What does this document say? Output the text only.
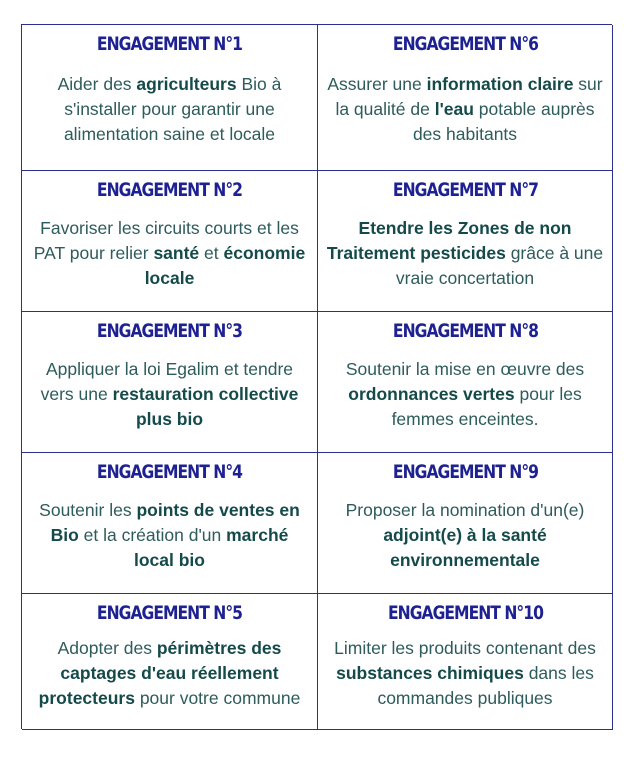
ENGAGEMENT N°1

Aider des agriculteurs Bio à s'installer pour garantir une alimentation saine et locale

ENGAGEMENT N°6

Assurer une information claire sur la qualité de l'eau potable auprès des habitants

ENGAGEMENT N°2

Favoriser les circuits courts et les PAT pour relier santé et économie locale

ENGAGEMENT N°7

Etendre les Zones de non Traitement pesticides grâce à une vraie concertation

ENGAGEMENT N°3

Appliquer la loi Egalim et tendre vers une restauration collective plus bio

ENGAGEMENT N°8

Soutenir la mise en œuvre des ordonnances vertes pour les femmes enceintes.

ENGAGEMENT N°4

Soutenir les points de ventes en Bio et la création d'un marché local bio

ENGAGEMENT N°9

Proposer la nomination d'un(e) adjoint(e) à la santé environnementale

ENGAGEMENT N°5

Adopter des périmètres des captages d'eau réellement protecteurs pour votre commune

ENGAGEMENT N°10

Limiter les produits contenant des substances chimiques dans les commandes publiques
